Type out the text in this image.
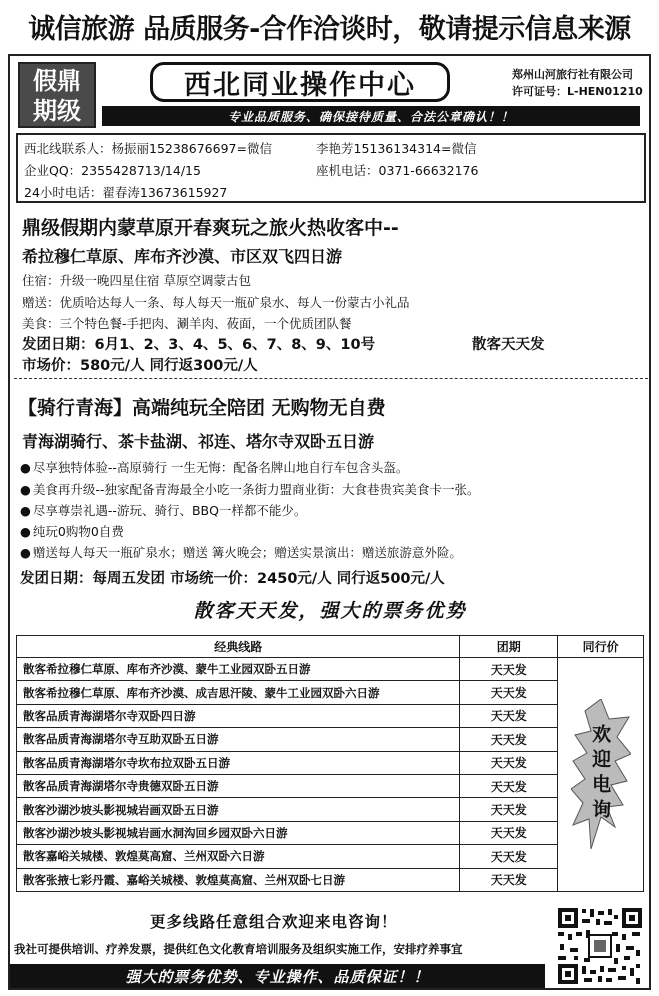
诚信旅游 品质服务-合作洽谈时，敬请提示信息来源
假鼎
期级
西北同业操作中心	郑州山河旅行社有限公司
许可证号：L-HEN01210
专业品质服务、确保接待质量、合法公章确认！！
西北线联系人：杨振丽15238676697=微信	李艳芳15136134314=微信
企业QQ：2355428713/14/15	座机电话：0371-66632176
24小时电话：翟春涛13673615927
鼎级假期内蒙草原开春爽玩之旅火热收客中--
希拉穆仁草原、库布齐沙漠、市区双飞四日游
住宿：升级一晚四星住宿 草原空调蒙古包
赠送：优质哈达每人一条、每人每天一瓶矿泉水、每人一份蒙古小礼品
美食：三个特色餐-手把肉、涮羊肉、莜面，一个优质团队餐
发团日期：6月1、2、3、4、5、6、7、8、9、10号	散客天天发
市场价：580元/人 同行返300元/人
【骑行青海】高端纯玩全陪团 无购物无自费
青海湖骑行、茶卡盐湖、祁连、塔尔寺双卧五日游
● 尽享独特体验--高原骑行 一生无悔：配备名牌山地自行车包含头盔。
● 美食再升级--独家配备青海最全小吃一条街力盟商业街：大食巷贵宾美食卡一张。
● 尽享尊崇礼遇--游玩、骑行、BBQ一样都不能少。
● 纯玩0购物0自费
● 赠送每人每天一瓶矿泉水；赠送 篝火晚会；赠送实景演出：赠送旅游意外险。
发团日期：每周五发团 市场统一价：2450元/人 同行返500元/人
散客天天发，强大的票务优势
经典线路	团期	同行价
散客希拉穆仁草原、库布齐沙漠、蒙牛工业园双卧五日游	天天发	欢迎电询

散客希拉穆仁草原、库布齐沙漠、成吉思汗陵、蒙牛工业园双卧六日游	天天发	
散客品质青海湖塔尔寺双卧四日游	天天发	
散客品质青海湖塔尔寺互助双卧五日游	天天发	
散客品质青海湖塔尔寺坎布拉双卧五日游	天天发	
散客品质青海湖塔尔寺贵德双卧五日游	天天发	
散客沙湖沙坡头影视城岩画双卧五日游	天天发	
散客沙湖沙坡头影视城岩画水洞沟回乡园双卧六日游	天天发	
散客嘉峪关城楼、敦煌莫高窟、兰州双卧六日游	天天发	
散客张掖七彩丹霞、嘉峪关城楼、敦煌莫高窟、兰州双卧七日游	天天发	
更多线路任意组合欢迎来电咨询！
我社可提供培训、疗养发票，提供红色文化教育培训服务及组织实施工作，安排疗养事宜
强大的票务优势、专业操作、品质保证！！
